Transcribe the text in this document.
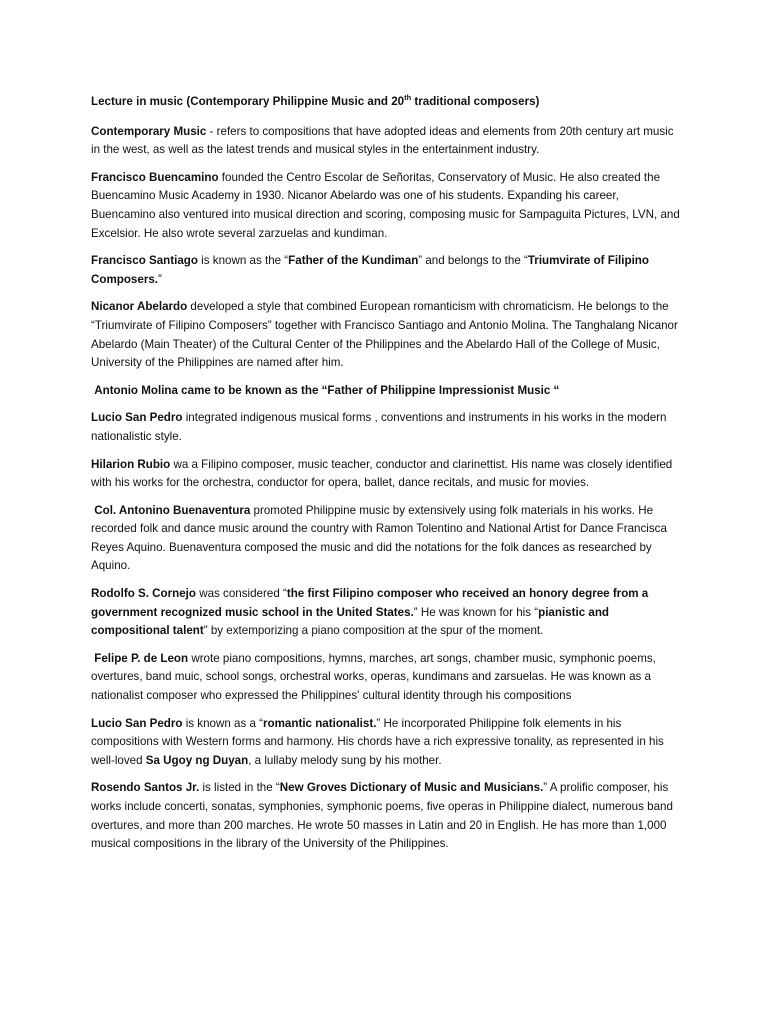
Lecture in music (Contemporary Philippine Music and 20th traditional composers)
Contemporary Music - refers to compositions that have adopted ideas and elements from 20th century art music in the west, as well as the latest trends and musical styles in the entertainment industry.
Francisco Buencamino founded the Centro Escolar de Señoritas, Conservatory of Music. He also created the Buencamino Music Academy in 1930. Nicanor Abelardo was one of his students. Expanding his career, Buencamino also ventured into musical direction and scoring, composing music for Sampaguita Pictures, LVN, and Excelsior. He also wrote several zarzuelas and kundiman.
Francisco Santiago is known as the “Father of the Kundiman” and belongs to the “Triumvirate of Filipino Composers.”
Nicanor Abelardo developed a style that combined European romanticism with chromaticism. He belongs to the “Triumvirate of Filipino Composers” together with Francisco Santiago and Antonio Molina. The Tanghalang Nicanor Abelardo (Main Theater) of the Cultural Center of the Philippines and the Abelardo Hall of the College of Music, University of the Philippines are named after him.
Antonio Molina came to be known as the “Father of Philippine Impressionist Music “
Lucio San Pedro integrated indigenous musical forms , conventions and instruments in his works in the modern nationalistic style.
Hilarion Rubio wa a Filipino composer, music teacher, conductor and clarinettist. His name was closely identified with his works for the orchestra, conductor for opera, ballet, dance recitals, and music for movies.
Col. Antonino Buenaventura promoted Philippine music by extensively using folk materials in his works. He recorded folk and dance music around the country with Ramon Tolentino and National Artist for Dance Francisca Reyes Aquino. Buenaventura composed the music and did the notations for the folk dances as researched by Aquino.
Rodolfo S. Cornejo was considered “the first Filipino composer who received an honory degree from a government recognized music school in the United States.” He was known for his “pianistic and compositional talent” by extemporizing a piano composition at the spur of the moment.
Felipe P. de Leon wrote piano compositions, hymns, marches, art songs, chamber music, symphonic poems, overtures, band muic, school songs, orchestral works, operas, kundimans and zarsuelas. He was known as a nationalist composer who expressed the Philippines' cultural identity through his compositions
Lucio San Pedro is known as a “romantic nationalist.” He incorporated Philippine folk elements in his compositions with Western forms and harmony. His chords have a rich expressive tonality, as represented in his well-loved Sa Ugoy ng Duyan, a lullaby melody sung by his mother.
Rosendo Santos Jr. is listed in the “New Groves Dictionary of Music and Musicians.” A prolific composer, his works include concerti, sonatas, symphonies, symphonic poems, five operas in Philippine dialect, numerous band overtures, and more than 200 marches. He wrote 50 masses in Latin and 20 in English. He has more than 1,000 musical compositions in the library of the University of the Philippines.
